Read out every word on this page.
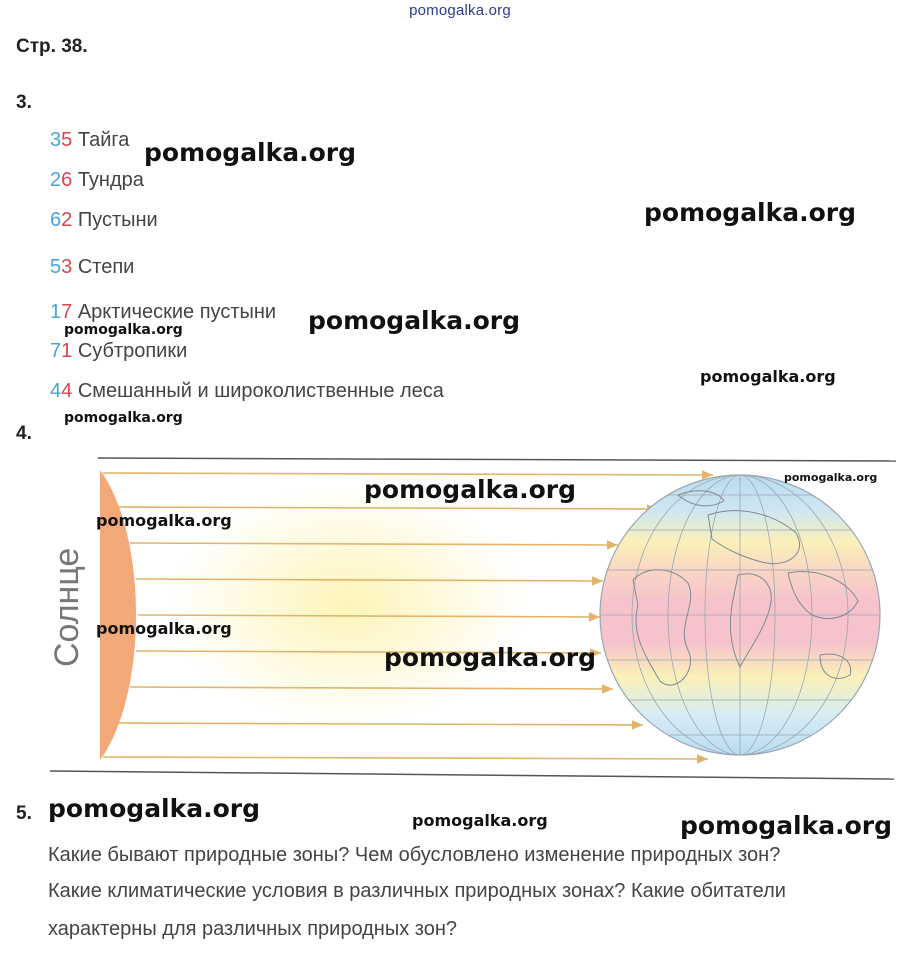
pomogalka.org
Стр. 38.
3.
35 Тайга
26 Тундра
62 Пустыни
53 Степи
17 Арктические пустыни
71 Субтропики
44 Смешанный и широколиственные леса
4.
Солнце
5.
Какие бывают природные зоны? Чем обусловлено изменение природных зон?
Какие климатические условия в различных природных зонах? Какие обитатели
характерны для различных природных зон?
pomogalka.org
pomogalka.org
pomogalka.org
pomogalka.org
pomogalka.org
pomogalka.org
pomogalka.org	pomogalka.org
pomogalka.org
pomogalka.org
pomogalka.org
pomogalka.org	pomogalka.org	pomogalka.org
